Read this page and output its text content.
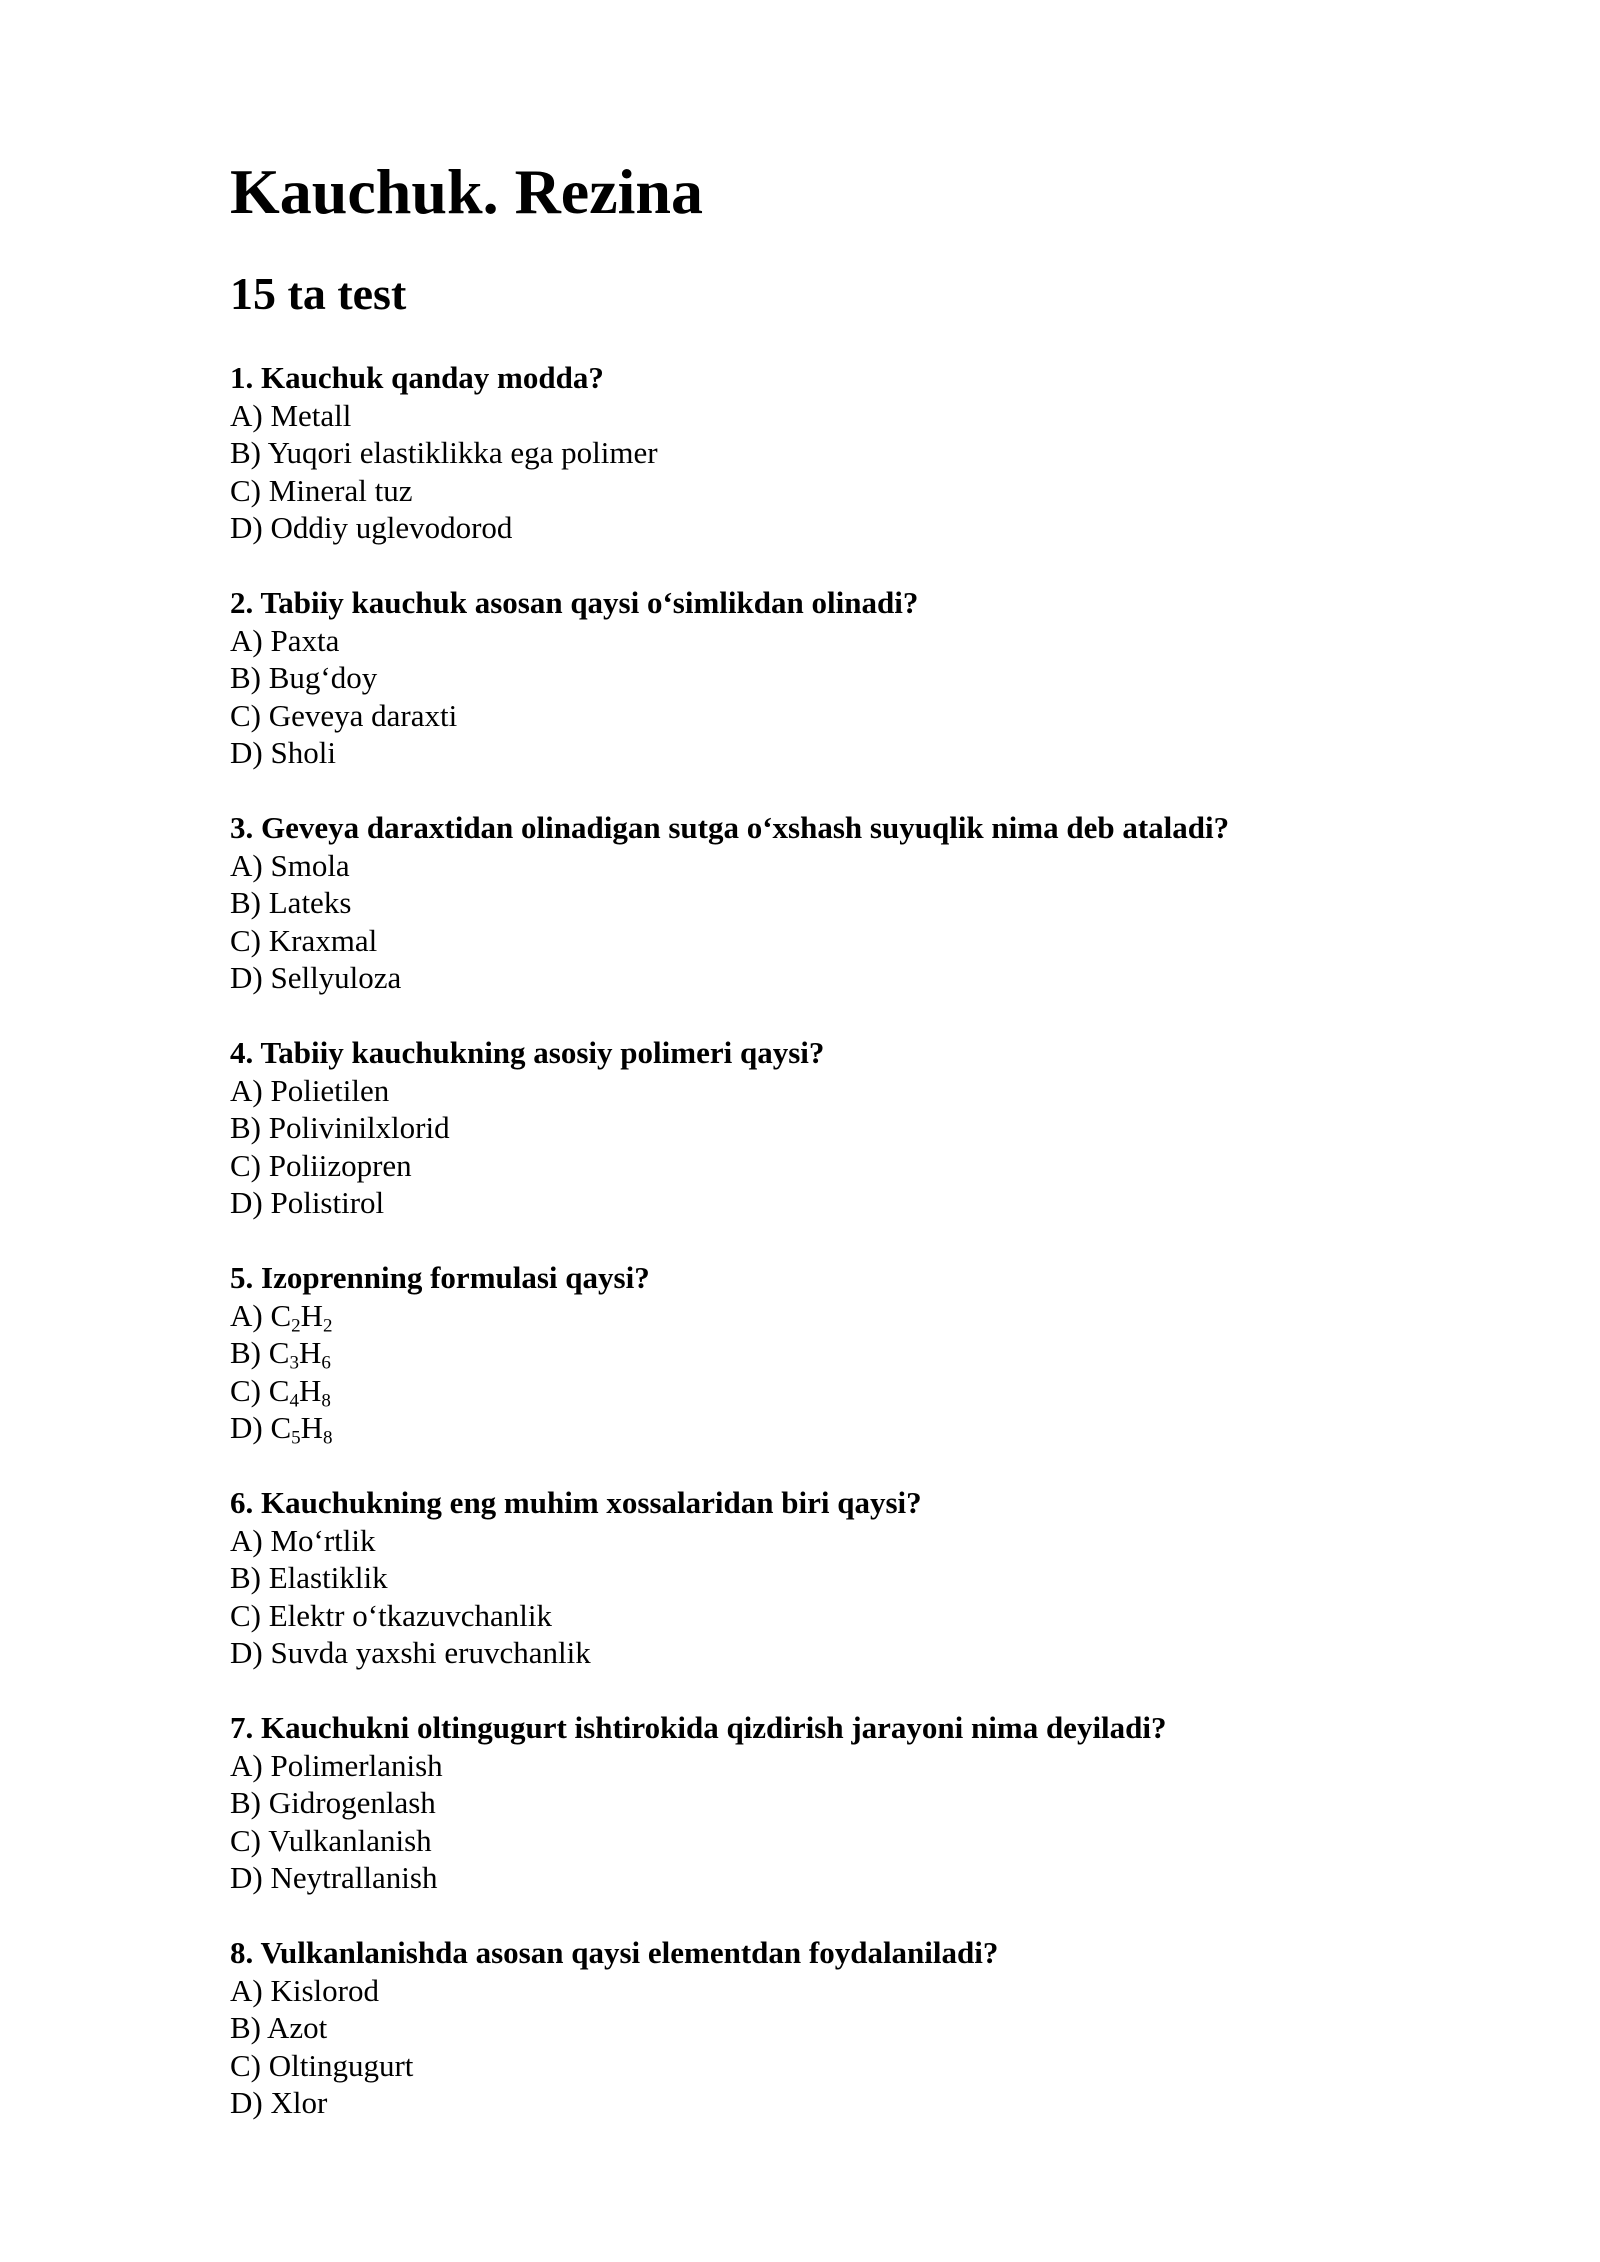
Kauchuk. Rezina
15 ta test
1. Kauchuk qanday modda?
A) Metall
B) Yuqori elastiklikka ega polimer
C) Mineral tuz
D) Oddiy uglevodorod
2. Tabiiy kauchuk asosan qaysi o‘simlikdan olinadi?
A) Paxta
B) Bug‘doy
C) Geveya daraxti
D) Sholi
3. Geveya daraxtidan olinadigan sutga o‘xshash suyuqlik nima deb ataladi?
A) Smola
B) Lateks
C) Kraxmal
D) Sellyuloza
4. Tabiiy kauchukning asosiy polimeri qaysi?
A) Polietilen
B) Polivinilxlorid
C) Poliizopren
D) Polistirol
5. Izoprenning formulasi qaysi?
A) $C_2H_2$
B) $C_3H_6$
C) $C_4H_8$
D) $C_5H_8$
6. Kauchukning eng muhim xossalaridan biri qaysi?
A) Mo‘rtlik
B) Elastiklik
C) Elektr o‘tkazuvchanlik
D) Suvda yaxshi eruvchanlik
7. Kauchukni oltingugurt ishtirokida qizdirish jarayoni nima deyiladi?
A) Polimerlanish
B) Gidrogenlash
C) Vulkanlanish
D) Neytrallanish
8. Vulkanlanishda asosan qaysi elementdan foydalaniladi?
A) Kislorod
B) Azot
C) Oltingugurt
D) Xlor
